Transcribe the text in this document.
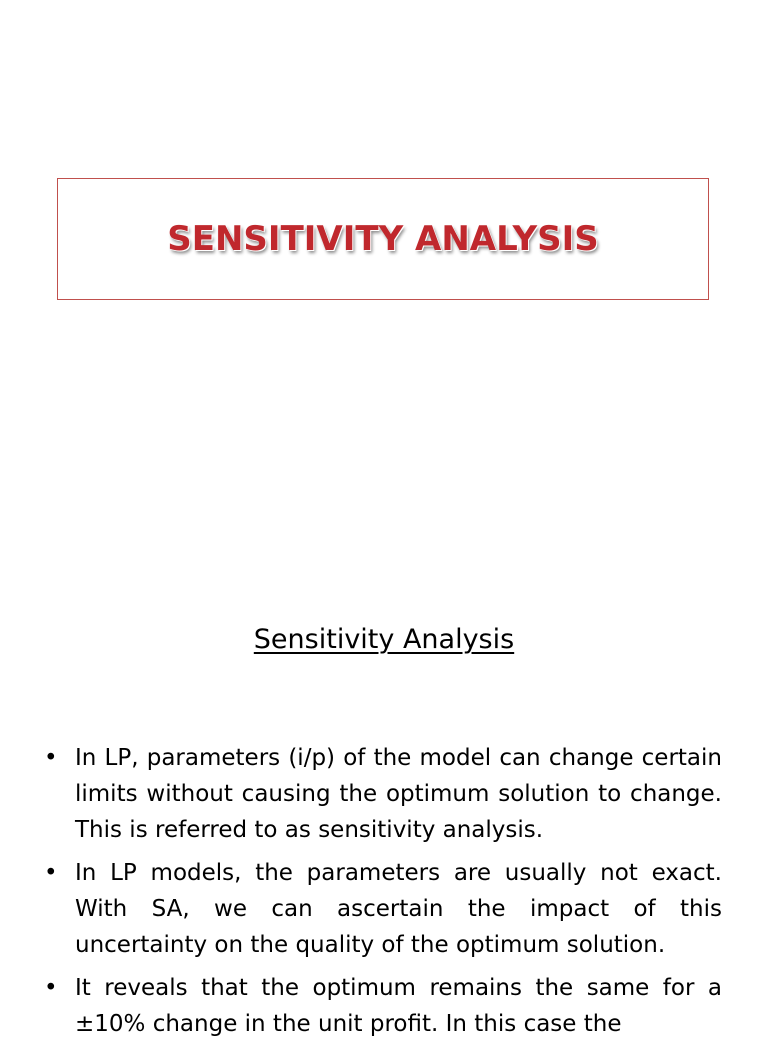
SENSITIVITY ANALYSIS
Sensitivity Analysis
• In LP, parameters (i/p) of the model can change certain limits without causing the optimum solution to change. This is referred to as sensitivity analysis.
• In LP models, the parameters are usually not exact. With SA, we can ascertain the impact of this uncertainty on the quality of the optimum solution.
• It reveals that the optimum remains the same for a ±10% change in the unit profit. In this case the
